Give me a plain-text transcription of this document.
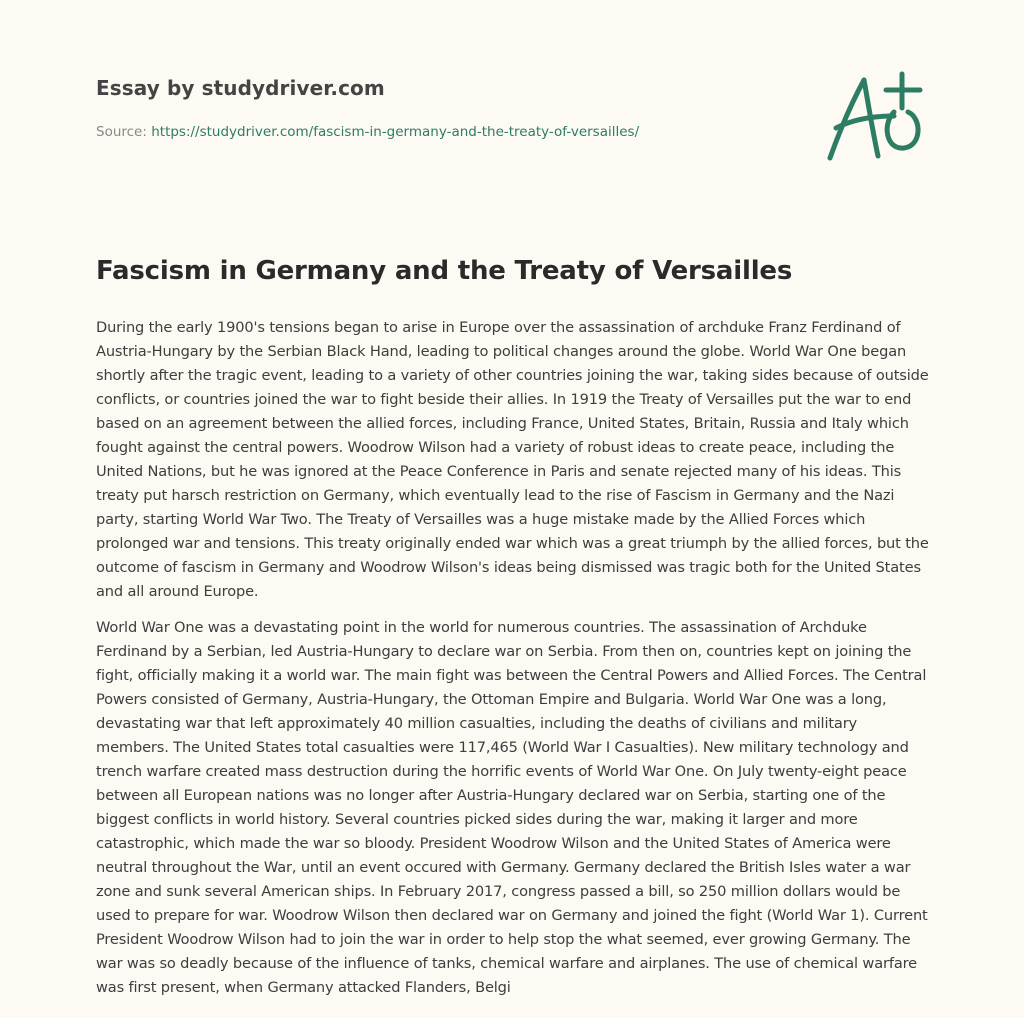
Essay by studydriver.com
Source: https://studydriver.com/fascism-in-germany-and-the-treaty-of-versailles/
Fascism in Germany and the Treaty of Versailles

During the early 1900's tensions began to arise in Europe over the assassination of archduke Franz Ferdinand of Austria-Hungary by the Serbian Black Hand, leading to political changes around the globe. World War One began shortly after the tragic event, leading to a variety of other countries joining the war, taking sides because of outside conflicts, or countries joined the war to fight beside their allies. In 1919 the Treaty of Versailles put the war to end based on an agreement between the allied forces, including France, United States, Britain, Russia and Italy which fought against the central powers. Woodrow Wilson had a variety of robust ideas to create peace, including the United Nations, but he was ignored at the Peace Conference in Paris and senate rejected many of his ideas. This treaty put harsch restriction on Germany, which eventually lead to the rise of Fascism in Germany and the Nazi party, starting World War Two. The Treaty of Versailles was a huge mistake made by the Allied Forces which prolonged war and tensions. This treaty originally ended war which was a great triumph by the allied forces, but the outcome of fascism in Germany and Woodrow Wilson's ideas being dismissed was tragic both for the United States and all around Europe.

World War One was a devastating point in the world for numerous countries. The assassination of Archduke Ferdinand by a Serbian, led Austria-Hungary to declare war on Serbia. From then on, countries kept on joining the fight, officially making it a world war. The main fight was between the Central Powers and Allied Forces. The Central Powers consisted of Germany, Austria-Hungary, the Ottoman Empire and Bulgaria. World War One was a long, devastating war that left approximately 40 million casualties, including the deaths of civilians and military members. The United States total casualties were 117,465 (World War I Casualties). New military technology and trench warfare created mass destruction during the horrific events of World War One. On July twenty-eight peace between all European nations was no longer after Austria-Hungary declared war on Serbia, starting one of the biggest conflicts in world history. Several countries picked sides during the war, making it larger and more catastrophic, which made the war so bloody. President Woodrow Wilson and the United States of America were neutral throughout the War, until an event occured with Germany. Germany declared the British Isles water a war zone and sunk several American ships. In February 2017, congress passed a bill, so 250 million dollars would be used to prepare for war. Woodrow Wilson then declared war on Germany and joined the fight (World War 1). Current President Woodrow Wilson had to join the war in order to help stop the what seemed, ever growing Germany. The war was so deadly because of the influence of tanks, chemical warfare and airplanes. The use of chemical warfare was first present, when Germany attacked Flanders, Belgi
